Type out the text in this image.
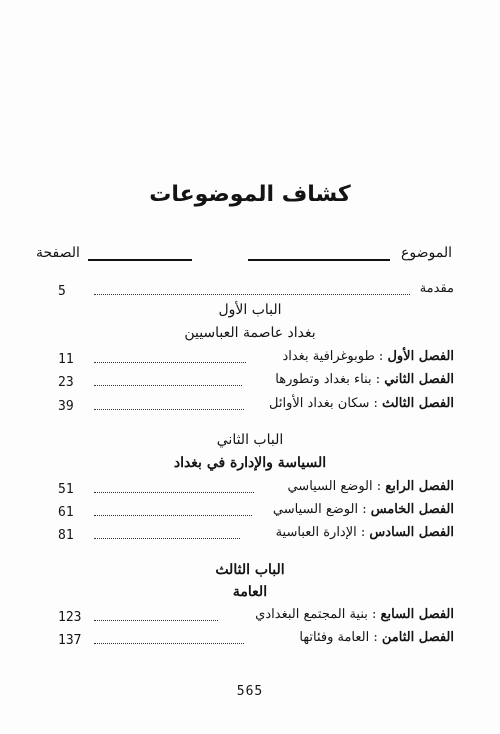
كشاف الموضوعات
الموضوع
الصفحة
5	مقدمة
الباب الأول
بغداد عاصمة العباسيين
11	الفصل الأول : طوبوغرافية بغداد
23	الفصل الثاني : بناء بغداد وتطورها
39	الفصل الثالث : سكان بغداد الأوائل
الباب الثاني
السياسة والإدارة في بغداد
51	الفصل الرابع : الوضع السياسي
61	الفصل الخامس : الوضع السياسي
81	الفصل السادس : الإدارة العباسية
الباب الثالث
العامة
123	الفصل السابع : بنية المجتمع البغدادي
137	الفصل الثامن : العامة وفئاتها
565
